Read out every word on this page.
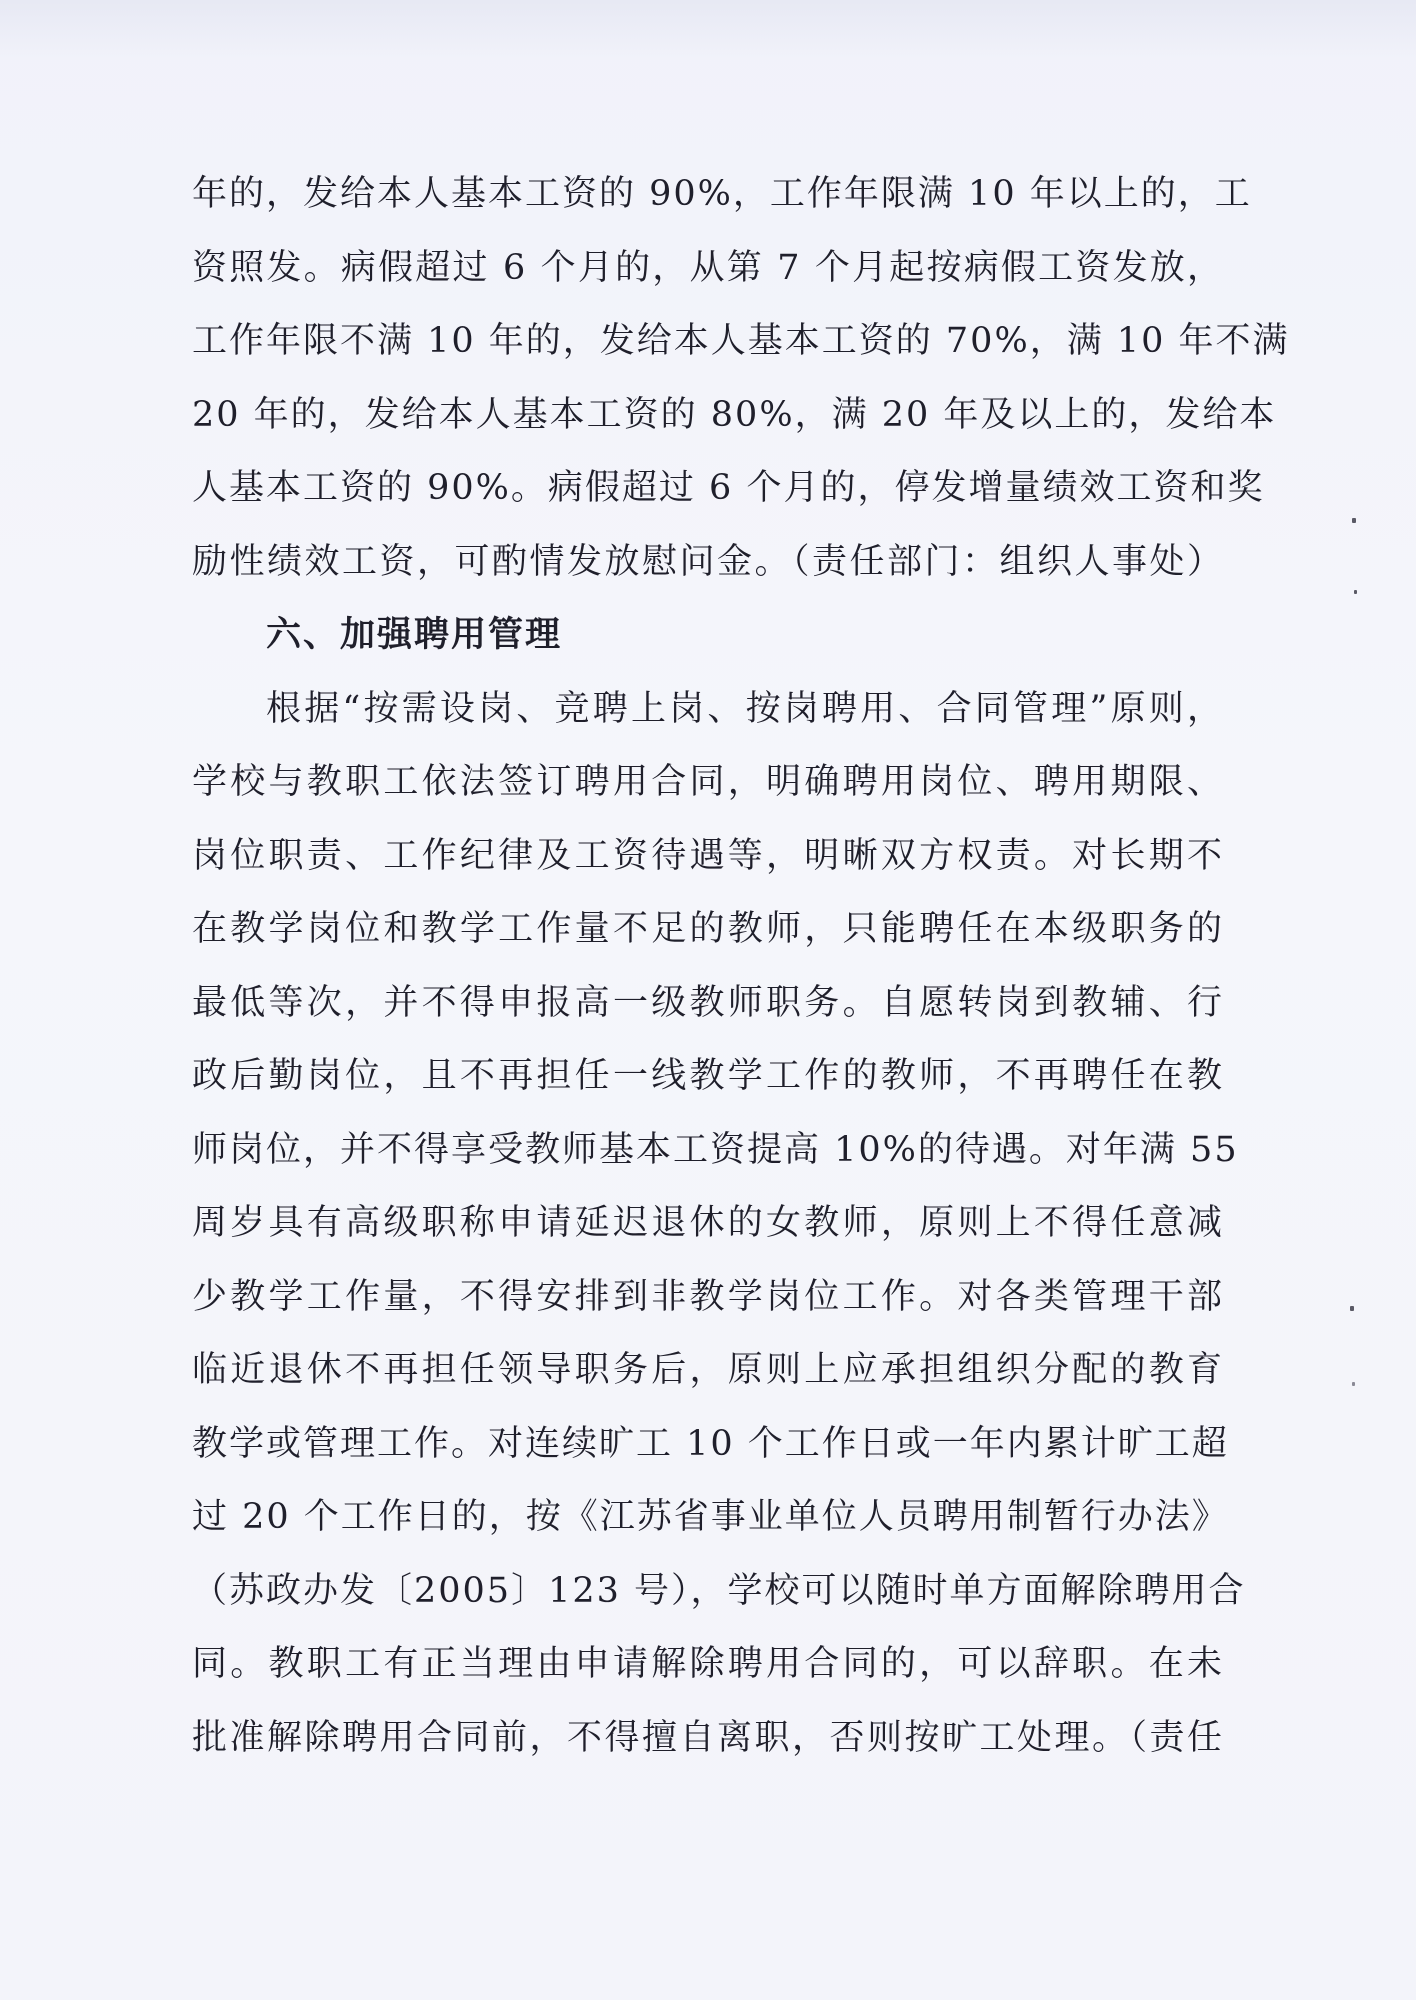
年的，发给本人基本工资的 90%，工作年限满 10 年以上的，工
资照发。病假超过 6 个月的，从第 7 个月起按病假工资发放，
工作年限不满 10 年的，发给本人基本工资的 70%，满 10 年不满
20 年的，发给本人基本工资的 80%，满 20 年及以上的，发给本
人基本工资的 90%。病假超过 6 个月的，停发增量绩效工资和奖
励性绩效工资，可酌情发放慰问金。（责任部门：组织人事处）
六、加强聘用管理
根据“按需设岗、竞聘上岗、按岗聘用、合同管理”原则，
学校与教职工依法签订聘用合同，明确聘用岗位、聘用期限、
岗位职责、工作纪律及工资待遇等，明晰双方权责。对长期不
在教学岗位和教学工作量不足的教师，只能聘任在本级职务的
最低等次，并不得申报高一级教师职务。自愿转岗到教辅、行
政后勤岗位，且不再担任一线教学工作的教师，不再聘任在教
师岗位，并不得享受教师基本工资提高 10%的待遇。对年满 55
周岁具有高级职称申请延迟退休的女教师，原则上不得任意减
少教学工作量，不得安排到非教学岗位工作。对各类管理干部
临近退休不再担任领导职务后，原则上应承担组织分配的教育
教学或管理工作。对连续旷工 10 个工作日或一年内累计旷工超
过 20 个工作日的，按《江苏省事业单位人员聘用制暂行办法》
（苏政办发〔2005〕123 号），学校可以随时单方面解除聘用合
同。教职工有正当理由申请解除聘用合同的，可以辞职。在未
批准解除聘用合同前，不得擅自离职，否则按旷工处理。（责任
